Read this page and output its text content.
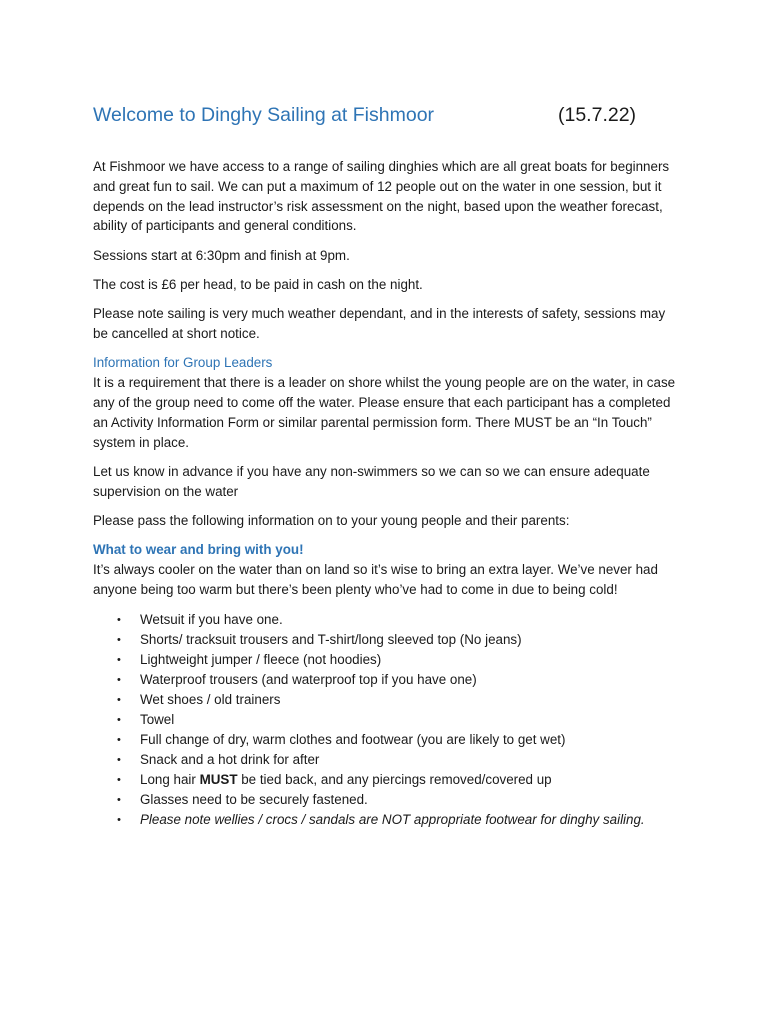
Welcome to Dinghy Sailing at Fishmoor	(15.7.22)

At Fishmoor we have access to a range of sailing dinghies which are all great boats for beginners and great fun to sail. We can put a maximum of 12 people out on the water in one session, but it depends on the lead instructor’s risk assessment on the night, based upon the weather forecast, ability of participants and general conditions.

Sessions start at 6:30pm and finish at 9pm.

The cost is £6 per head, to be paid in cash on the night.

Please note sailing is very much weather dependant, and in the interests of safety, sessions may be cancelled at short notice.

Information for Group Leaders

It is a requirement that there is a leader on shore whilst the young people are on the water, in case any of the group need to come off the water. Please ensure that each participant has a completed an Activity Information Form or similar parental permission form. There MUST be an “In Touch” system in place.

Let us know in advance if you have any non-swimmers so we can so we can ensure adequate supervision on the water

Please pass the following information on to your young people and their parents:

What to wear and bring with you!

It’s always cooler on the water than on land so it’s wise to bring an extra layer. We’ve never had anyone being too warm but there’s been plenty who’ve had to come in due to being cold!

• Wetsuit if you have one.
• Shorts/ tracksuit trousers and T-shirt/long sleeved top (No jeans)
• Lightweight jumper / fleece (not hoodies)
• Waterproof trousers (and waterproof top if you have one)
• Wet shoes / old trainers
• Towel
• Full change of dry, warm clothes and footwear (you are likely to get wet)
• Snack and a hot drink for after
• Long hair MUST be tied back, and any piercings removed/covered up
• Glasses need to be securely fastened.
• Please note wellies / crocs / sandals are NOT appropriate footwear for dinghy sailing.
